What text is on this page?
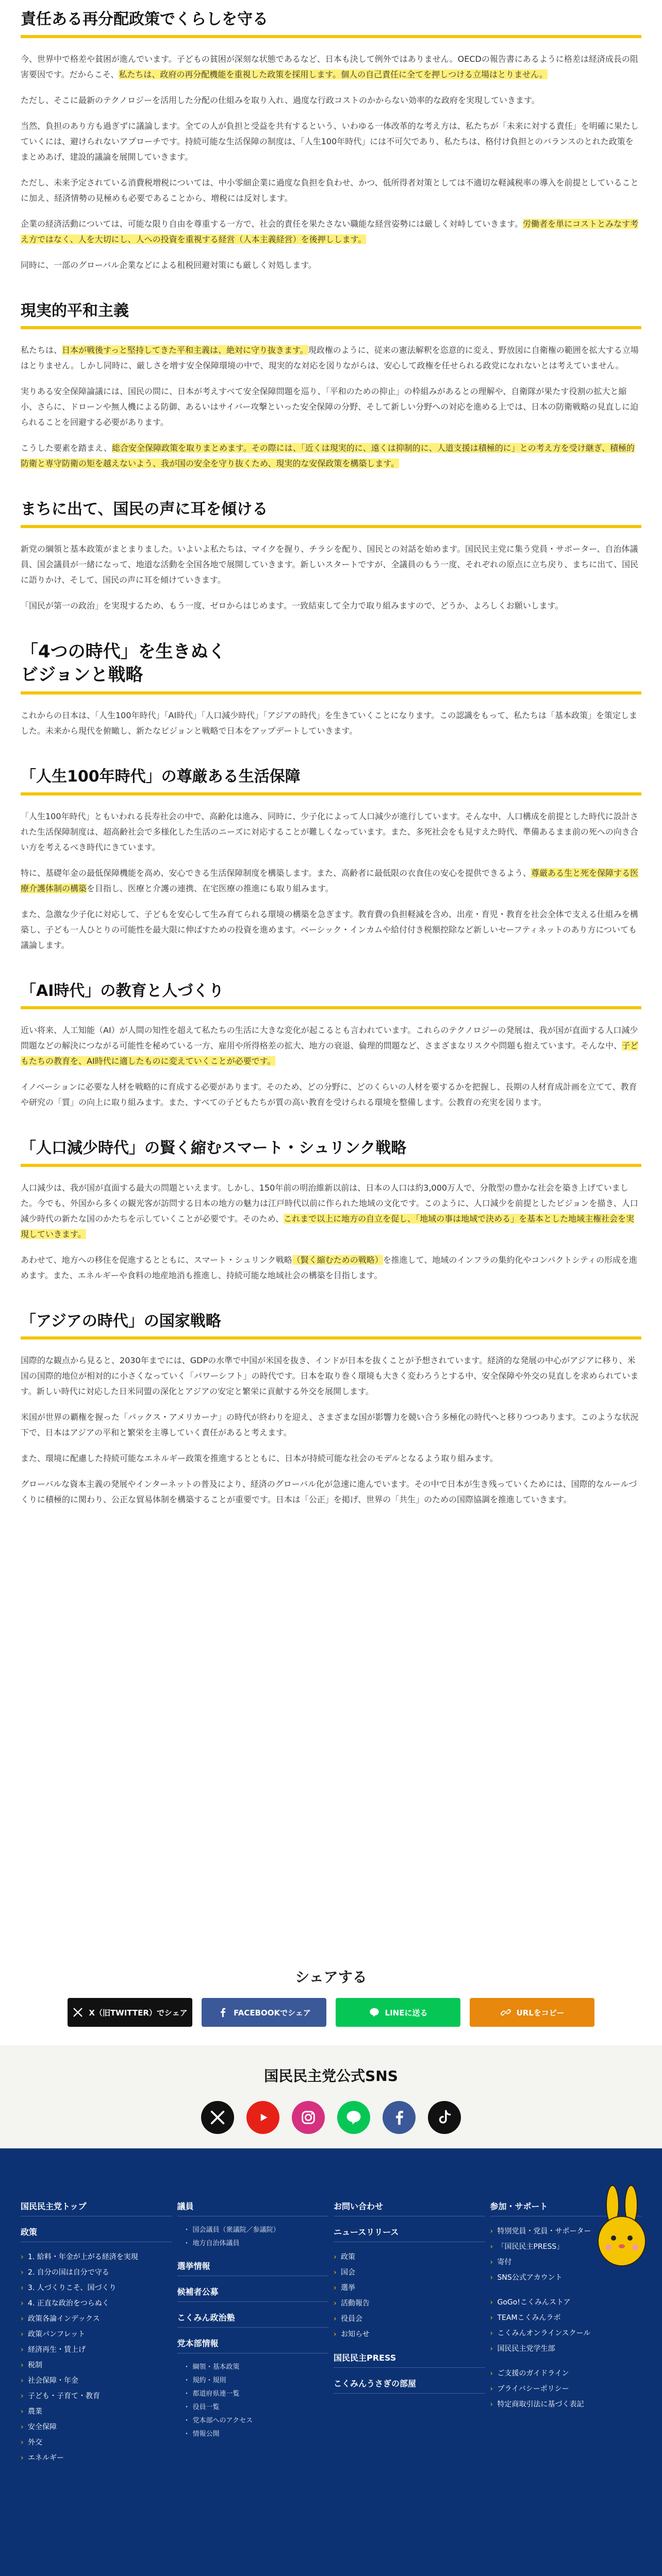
責任ある再分配政策でくらしを守る

今、世界中で格差や貧困が進んでいます。子どもの貧困が深刻な状態であるなど、日本も決して例外ではありません。OECDの報告書にあるように格差は経済成長の阻害要因です。だからこそ、私たちは、政府の再分配機能を重視した政策を採用します。個人の自己責任に全てを押しつける立場はとりません。

ただし、そこに最新のテクノロジーを活用した分配の仕組みを取り入れ、過度な行政コストのかからない効率的な政府を実現していきます。

当然、負担のあり方も過ぎずに議論します。全ての人が負担と受益を共有するという、いわゆる一体改革的な考え方は、私たちが「未来に対する責任」を明確に果たしていくには、避けられないアプローチです。持続可能な生活保障の制度は、「人生100年時代」には不可欠であり、私たちは、格付け負担とのバランスのとれた政策をまとめあげ、建設的議論を展開していきます。

ただし、未来予定されている消費税増税については、中小零細企業に過度な負担を負わせ、かつ、低所得者対策としては不適切な軽減税率の導入を前提としていることに加え、経済情勢の見極めも必要であることから、増税には反対します。

企業の経済活動については、可能な限り自由を尊重する一方で、社会的責任を果たさない職能な経営姿勢には厳しく対峙していきます。労働者を単にコストとみなす考え方ではなく、人を大切にし、人への投資を重視する経営（人本主義経営）を後押しします。

同時に、一部のグローバル企業などによる租税回避対策にも厳しく対処します。

現実的平和主義

私たちは、日本が戦後すっと堅持してきた平和主義は、絶対に守り抜きます。現政権のように、従来の憲法解釈を恣意的に変え、野放図に自衛権の範囲を拡大する立場はとりません。しかし同時に、厳しさを増す安全保障環境の中で、現実的な対応を図りながらは、安心して政権を任せられる政党になれないとは考えていません。

実りある安全保障論議には、国民の間に、日本が考えすべて安全保障問題を巡り、「平和のための抑止」の枠組みがあるとの理解や、自衛隊が果たす役割の拡大と縮小、さらに、ドローンや無人機による防御、あるいはサイバー攻撃といった安全保障の分野、そして新しい分野への対応を進める上では、日本の防衛戦略の見直しに迫られることを回避する必要があります。

こうした要素を踏まえ、総合安全保障政策を取りまとめます。その際には、「近くは現実的に、遠くは抑制的に、人道支援は積極的に」との考え方を受け継ぎ、積極的防衛と専守防衛の矩を越えないよう、我が国の安全を守り抜くため、現実的な安保政策を構築します。

まちに出て、国民の声に耳を傾ける

新党の綱領と基本政策がまとまりました。いよいよ私たちは、マイクを握り、チラシを配り、国民との対話を始めます。国民民主党に集う党員・サポーター、自治体議員、国会議員が一緒になって、地道な活動を全国各地で展開していきます。新しいスタートですが、全議員のもう一度、それぞれの原点に立ち戻り、まちに出て、国民に語りかけ、そして、国民の声に耳を傾けていきます。

「国民が第一の政治」を実現するため、もう一度、ゼロからはじめます。一致結束して全力で取り組みますので、どうか、よろしくお願いします。

「4つの時代」を生きぬく
ビジョンと戦略

これからの日本は、「人生100年時代」「AI時代」「人口減少時代」「アジアの時代」を生きていくことになります。この認識をもって、私たちは「基本政策」を策定しました。未来から現代を俯瞰し、新たなビジョンと戦略で日本をアップデートしていきます。

「人生100年時代」の尊厳ある生活保障

「人生100年時代」ともいわれる長寿社会の中で、高齢化は進み、同時に、少子化によって人口減少が進行しています。そんな中、人口構成を前提とした時代に設計された生活保障制度は、超高齢社会で多様化した生活のニーズに対応することが難しくなっています。また、多死社会をも見すえた時代、準備あるまま前の死への向き合い方を考えるべき時代にきています。

特に、基礎年金の最低保障機能を高め、安心できる生活保障制度を構築します。また、高齢者に最低限の衣食住の安心を提供できるよう、尊厳ある生と死を保障する医療介護体制の構築を目指し、医療と介護の連携、在宅医療の推進にも取り組みます。

また、急激な少子化に対応して、子どもを安心して生み育てられる環境の構築を急ぎます。教育費の負担軽減を含め、出産・育児・教育を社会全体で支える仕組みを構築し、子ども一人ひとりの可能性を最大限に伸ばすための投資を進めます。ベーシック・インカムや給付付き税額控除など新しいセーフティネットのあり方についても議論します。

「AI時代」の教育と人づくり

近い将来、人工知能（AI）が人間の知性を超えて私たちの生活に大きな変化が起こるとも言われています。これらのテクノロジーの発展は、我が国が直面する人口減少問題などの解決につながる可能性を秘めている一方、雇用や所得格差の拡大、地方の衰退、倫理的問題など、さまざまなリスクや問題も抱えています。そんな中、子どもたちの教育を、AI時代に適したものに変えていくことが必要です。

イノベーションに必要な人材を戦略的に育成する必要があります。そのため、どの分野に、どのくらいの人材を要するかを把握し、長期の人材育成計画を立てて、教育や研究の「質」の向上に取り組みます。また、すべての子どもたちが質の高い教育を受けられる環境を整備します。公教育の充実を図ります。

「人口減少時代」の賢く縮むスマート・シュリンク戦略

人口減少は、我が国が直面する最大の問題といえます。しかし、150年前の明治維新以前は、日本の人口は約3,000万人で、分散型の豊かな社会を築き上げていました。今でも、外国から多くの観光客が訪問する日本の地方の魅力は江戸時代以前に作られた地域の文化です。このように、人口減少を前提としたビジョンを描き、人口減少時代の新たな国のかたちを示していくことが必要です。そのため、これまで以上に地方の自立を促し、「地域の事は地域で決める」を基本とした地域主権社会を実現していきます。

あわせて、地方への移住を促進するとともに、スマート・シュリンク戦略（賢く縮むための戦略）を推進して、地域のインフラの集約化やコンパクトシティの形成を進めます。また、エネルギーや食料の地産地消も推進し、持続可能な地域社会の構築を目指します。

「アジアの時代」の国家戦略

国際的な観点から見ると、2030年までには、GDPの水準で中国が米国を抜き、インドが日本を抜くことが予想されています。経済的な発展の中心がアジアに移り、米国の国際的地位が相対的に小さくなっていく「パワーシフト」の時代です。日本を取り巻く環境も大きく変わろうとする中、安全保障や外交の見直しを求められています。新しい時代に対応した日米同盟の深化とアジアの安定と繁栄に貢献する外交を展開します。

米国が世界の覇権を握った「パックス・アメリカーナ」の時代が終わりを迎え、さまざまな国が影響力を競い合う多極化の時代へと移りつつあります。このような状況下で、日本はアジアの平和と繁栄を主導していく責任があると考えます。

また、環境に配慮した持続可能なエネルギー政策を推進するとともに、日本が持続可能な社会のモデルとなるよう取り組みます。

グローバルな資本主義の発展やインターネットの普及により、経済のグローバル化が急速に進んでいます。その中で日本が生き残っていくためには、国際的なルールづくりに積極的に関わり、公正な貿易体制を構築することが重要です。日本は「公正」を掲げ、世界の「共生」のための国際協調を推進していきます。

シェアする
X（旧TWITTER）でシェア	FACEBOOKでシェア	LINEに送る	URLをコピー
国民民主党公式SNS
国民民主党トップ
政策
› 1. 給料・年金が上がる経済を実現
› 2. 自分の国は自分で守る
› 3. 人づくりこそ、国づくり
› 4. 正直な政治をつらぬく
› 政策各論インデックス
› 政策パンフレット
› 経済再生・賃上げ
› 税制
› 社会保障・年金
› 子ども・子育て・教育
› 農業
› 安全保障
› 外交
› エネルギー
議員
・ 国会議員（衆議院／参議院）
・ 地方自治体議員
選挙情報
候補者公募
こくみん政治塾
党本部情報
・ 綱領・基本政策
・ 規約・規則
・ 都道府県連一覧
・ 役員一覧
・ 党本部へのアクセス
・ 情報公開
お問い合わせ
ニュースリリース
› 政策
› 国会
› 選挙
› 活動報告
› 役員会
› お知らせ
国民民主PRESS
こくみんうさぎの部屋
参加・サポート
› 特別党員・党員・サポーター
› 「国民民主PRESS」
› 寄付
› SNS公式アカウント
› GoGo!こくみんストア
› TEAMこくみんラボ
› こくみんオンラインスクール
› 国民民主党学生部
› ご支援のガイドライン
› プライバシーポリシー
› 特定商取引法に基づく表記
